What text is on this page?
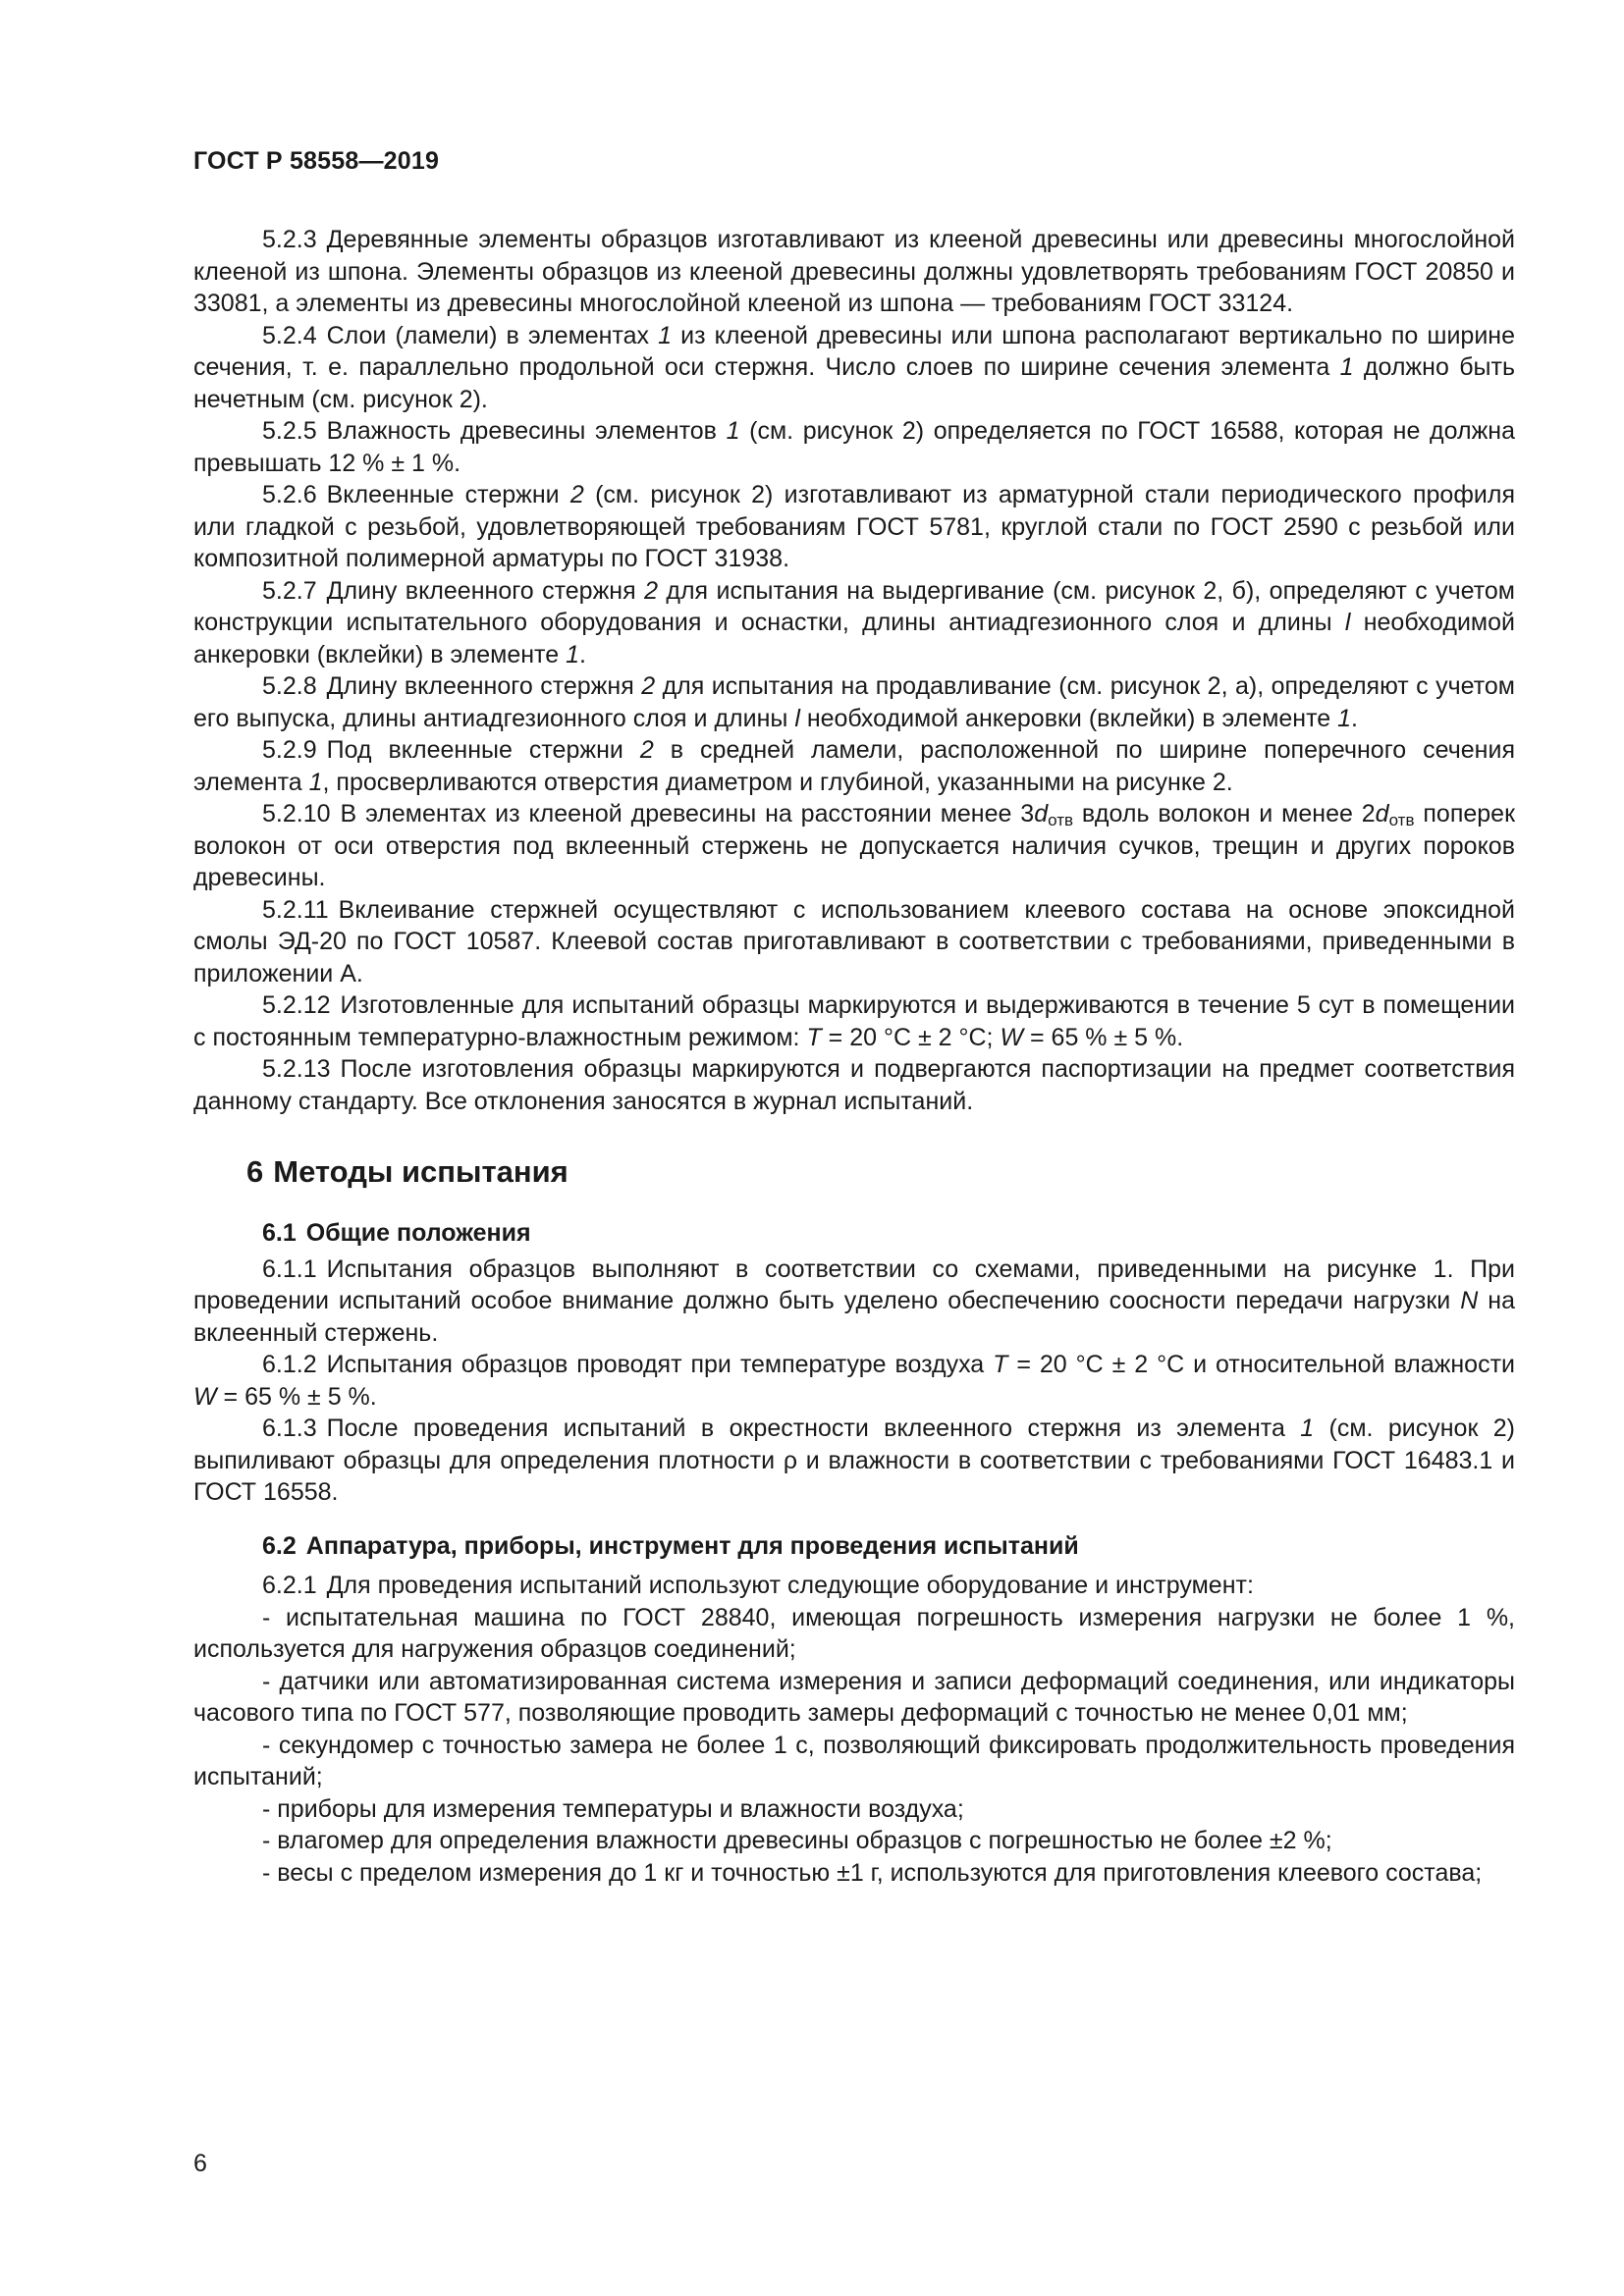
ГОСТ Р 58558—2019

5.2.3 Деревянные элементы образцов изготавливают из клееной древесины или древесины многослойной клееной из шпона. Элементы образцов из клееной древесины должны удовлетворять требованиям ГОСТ 20850 и 33081, а элементы из древесины многослойной клееной из шпона — требованиям ГОСТ 33124.

5.2.4 Слои (ламели) в элементах 1 из клееной древесины или шпона располагают вертикально по ширине сечения, т. е. параллельно продольной оси стержня. Число слоев по ширине сечения элемента 1 должно быть нечетным (см. рисунок 2).

5.2.5 Влажность древесины элементов 1 (см. рисунок 2) определяется по ГОСТ 16588, которая не должна превышать 12 % ± 1 %.

5.2.6 Вклеенные стержни 2 (см. рисунок 2) изготавливают из арматурной стали периодического профиля или гладкой с резьбой, удовлетворяющей требованиям ГОСТ 5781, круглой стали по ГОСТ 2590 с резьбой или композитной полимерной арматуры по ГОСТ 31938.

5.2.7 Длину вклеенного стержня 2 для испытания на выдергивание (см. рисунок 2, б), определяют с учетом конструкции испытательного оборудования и оснастки, длины антиадгезионного слоя и длины l необходимой анкеровки (вклейки) в элементе 1.

5.2.8 Длину вклеенного стержня 2 для испытания на продавливание (см. рисунок 2, а), определяют с учетом его выпуска, длины антиадгезионного слоя и длины l необходимой анкеровки (вклейки) в элементе 1.

5.2.9 Под вклеенные стержни 2 в средней ламели, расположенной по ширине поперечного сечения элемента 1, просверливаются отверстия диаметром и глубиной, указанными на рисунке 2.

5.2.10 В элементах из клееной древесины на расстоянии менее $3d_{отв}$ вдоль волокон и менее $2d_{отв}$ поперек волокон от оси отверстия под вклеенный стержень не допускается наличия сучков, трещин и других пороков древесины.

5.2.11 Вклеивание стержней осуществляют с использованием клеевого состава на основе эпоксидной смолы ЭД-20 по ГОСТ 10587. Клеевой состав приготавливают в соответствии с требованиями, приведенными в приложении А.

5.2.12 Изготовленные для испытаний образцы маркируются и выдерживаются в течение 5 сут в помещении с постоянным температурно-влажностным режимом: T = 20 °С ± 2 °С; W = 65 % ± 5 %.

5.2.13 После изготовления образцы маркируются и подвергаются паспортизации на предмет соответствия данному стандарту. Все отклонения заносятся в журнал испытаний.

6 Методы испытания
6.1 Общие положения

6.1.1 Испытания образцов выполняют в соответствии со схемами, приведенными на рисунке 1. При проведении испытаний особое внимание должно быть уделено обеспечению соосности передачи нагрузки N на вклеенный стержень.

6.1.2 Испытания образцов проводят при температуре воздуха T = 20 °С ± 2 °С и относительной влажности W = 65 % ± 5 %.

6.1.3 После проведения испытаний в окрестности вклеенного стержня из элемента 1 (см. рисунок 2) выпиливают образцы для определения плотности ρ и влажности в соответствии с требованиями ГОСТ 16483.1 и ГОСТ 16558.

6.2 Аппаратура, приборы, инструмент для проведения испытаний

6.2.1 Для проведения испытаний используют следующие оборудование и инструмент:

- испытательная машина по ГОСТ 28840, имеющая погрешность измерения нагрузки не более 1 %, используется для нагружения образцов соединений;

- датчики или автоматизированная система измерения и записи деформаций соединения, или индикаторы часового типа по ГОСТ 577, позволяющие проводить замеры деформаций с точностью не менее 0,01 мм;

- секундомер с точностью замера не более 1 с, позволяющий фиксировать продолжительность проведения испытаний;

- приборы для измерения температуры и влажности воздуха;

- влагомер для определения влажности древесины образцов с погрешностью не более ±2 %;

- весы с пределом измерения до 1 кг и точностью ±1 г, используются для приготовления клеевого состава;

6
